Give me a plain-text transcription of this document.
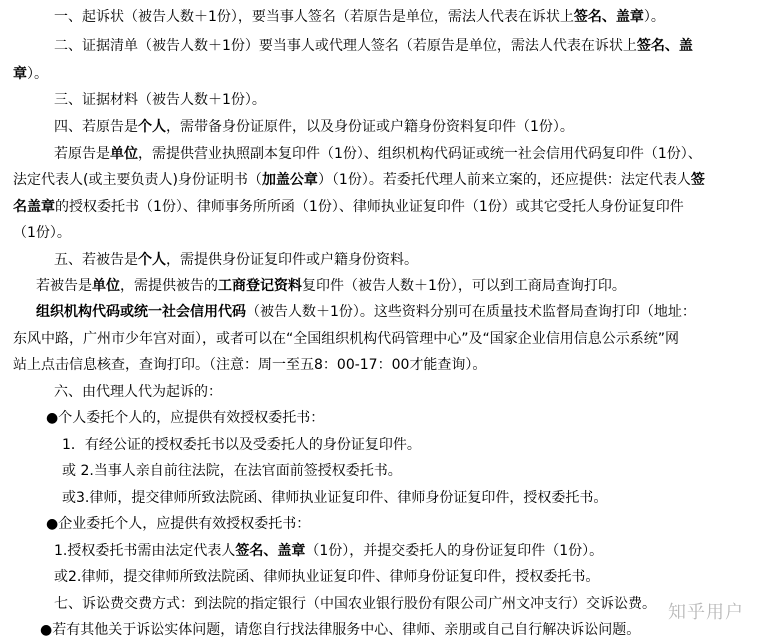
一、起诉状（被告人数＋1份），要当事人签名（若原告是单位，需法人代表在诉状上签名、盖章）。
二、证据清单（被告人数＋1份）要当事人或代理人签名（若原告是单位，需法人代表在诉状上签名、盖
章）。
三、证据材料（被告人数＋1份）。
四、若原告是个人，需带备身份证原件，以及身份证或户籍身份资料复印件（1份）。
若原告是单位，需提供营业执照副本复印件（1份）、组织机构代码证或统一社会信用代码复印件（1份）、
法定代表人(或主要负责人)身份证明书（加盖公章）（1份）。若委托代理人前来立案的，还应提供：法定代表人签
名盖章的授权委托书（1份）、律师事务所所函（1份）、律师执业证复印件（1份）或其它受托人身份证复印件
（1份）。
五、若被告是个人，需提供身份证复印件或户籍身份资料。
若被告是单位，需提供被告的工商登记资料复印件（被告人数＋1份），可以到工商局查询打印。
组织机构代码或统一社会信用代码（被告人数＋1份）。这些资料分别可在质量技术监督局查询打印（地址：
东风中路，广州市少年宫对面），或者可以在“全国组织机构代码管理中心”及“国家企业信用信息公示系统”网
站上点击信息核查，查询打印。（注意：周一至五8：00-17：00才能查询）。
六、由代理人代为起诉的：
●个人委托个人的，应提供有效授权委托书：
1．有经公证的授权委托书以及受委托人的身份证复印件。
或 2.当事人亲自前往法院，在法官面前签授权委托书。
或3.律师，提交律师所致法院函、律师执业证复印件、律师身份证复印件，授权委托书。
●企业委托个人，应提供有效授权委托书：
1.授权委托书需由法定代表人签名、盖章（1份），并提交委托人的身份证复印件（1份）。
或2.律师，提交律师所致法院函、律师执业证复印件、律师身份证复印件，授权委托书。
七、诉讼费交费方式：到法院的指定银行（中国农业银行股份有限公司广州文冲支行）交诉讼费。
●若有其他关于诉讼实体问题，请您自行找法律服务中心、律师、亲朋或自己自行解决诉讼问题。
知乎用户
